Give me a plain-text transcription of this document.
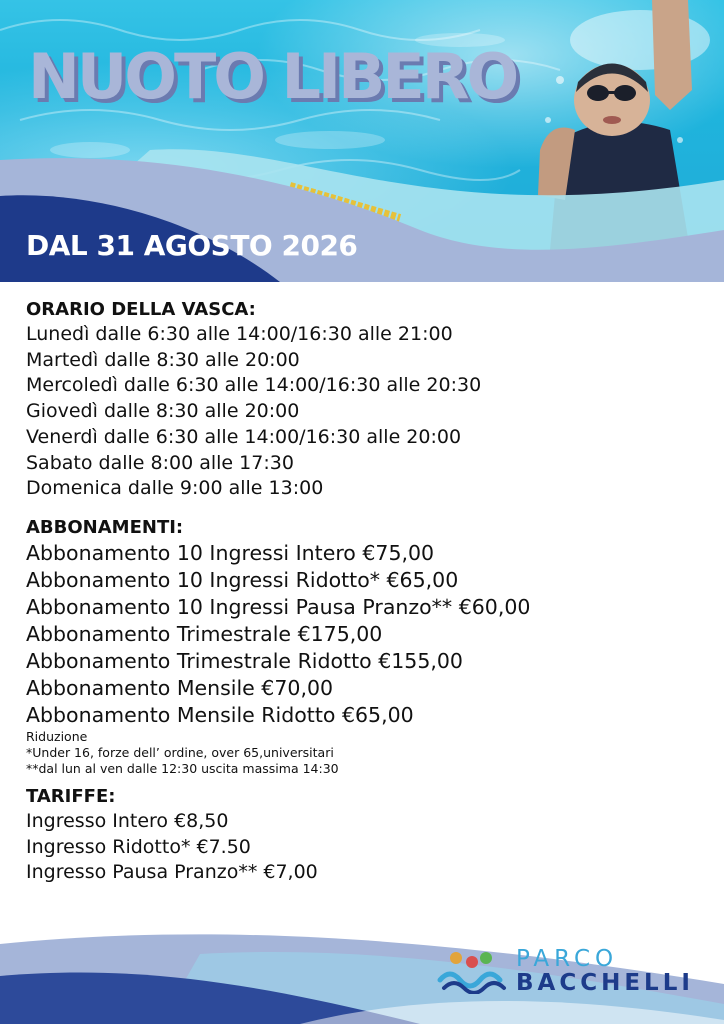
NUOTO LIBERO
DAL 31 AGOSTO 2026

ORARIO DELLA VASCA:

Lunedì dalle 6:30 alle 14:00/16:30 alle 21:00

Martedì dalle 8:30 alle 20:00

Mercoledì dalle 6:30 alle 14:00/16:30 alle 20:30

Giovedì dalle 8:30 alle 20:00

Venerdì dalle 6:30 alle 14:00/16:30 alle 20:00

Sabato dalle 8:00 alle 17:30

Domenica dalle 9:00 alle 13:00

ABBONAMENTI:

Abbonamento 10 Ingressi Intero €75,00

Abbonamento 10 Ingressi Ridotto* €65,00

Abbonamento 10 Ingressi Pausa Pranzo** €60,00

Abbonamento Trimestrale €175,00

Abbonamento Trimestrale Ridotto €155,00

Abbonamento Mensile €70,00

Abbonamento Mensile Ridotto €65,00

Riduzione

*Under 16, forze dell’ ordine, over 65,universitari

**dal lun al ven dalle 12:30 uscita massima 14:30

TARIFFE:

Ingresso Intero €8,50

Ingresso Ridotto* €7.50

Ingresso Pausa Pranzo** €7,00

PARCO

BACCHELLI
